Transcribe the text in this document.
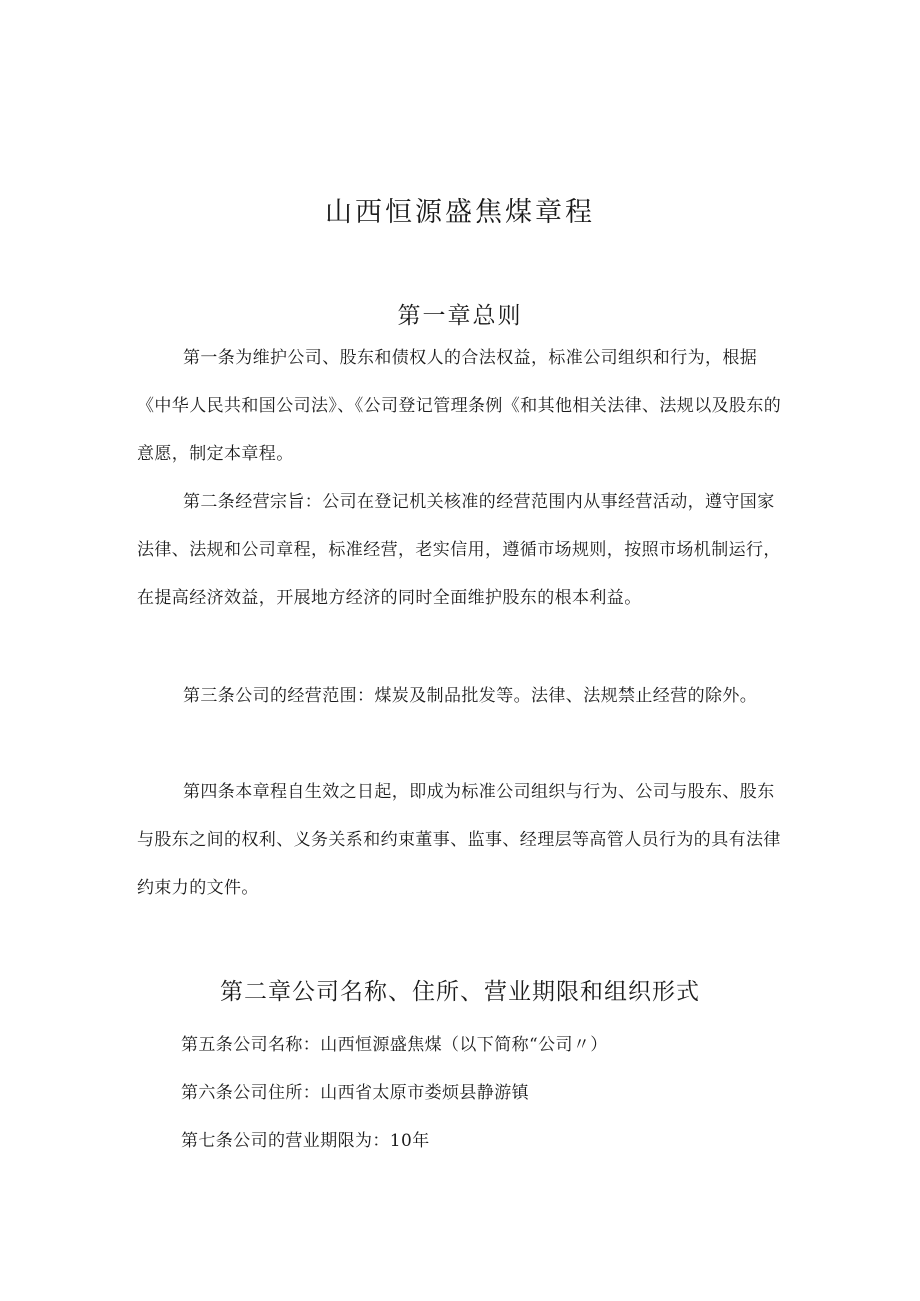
山西恒源盛焦煤章程
第一章总则

第一条为维护公司、股东和债权人的合法权益，标准公司组织和行为，根据《中华人民共和国公司法》、《公司登记管理条例《和其他相关法律、法规以及股东的意愿，制定本章程。

第二条经营宗旨：公司在登记机关核准的经营范围内从事经营活动，遵守国家法律、法规和公司章程，标准经营，老实信用，遵循市场规则，按照市场机制运行，在提高经济效益，开展地方经济的同时全面维护股东的根本利益。

第三条公司的经营范围：煤炭及制品批发等。法律、法规禁止经营的除外。

第四条本章程自生效之日起，即成为标准公司组织与行为、公司与股东、股东与股东之间的权利、义务关系和约束董事、监事、经理层等高管人员行为的具有法律约束力的文件。

第二章公司名称、住所、营业期限和组织形式

第五条公司名称：山西恒源盛焦煤（以下简称“公司〃）

第六条公司住所：山西省太原市娄烦县静游镇

第七条公司的营业期限为：10年
